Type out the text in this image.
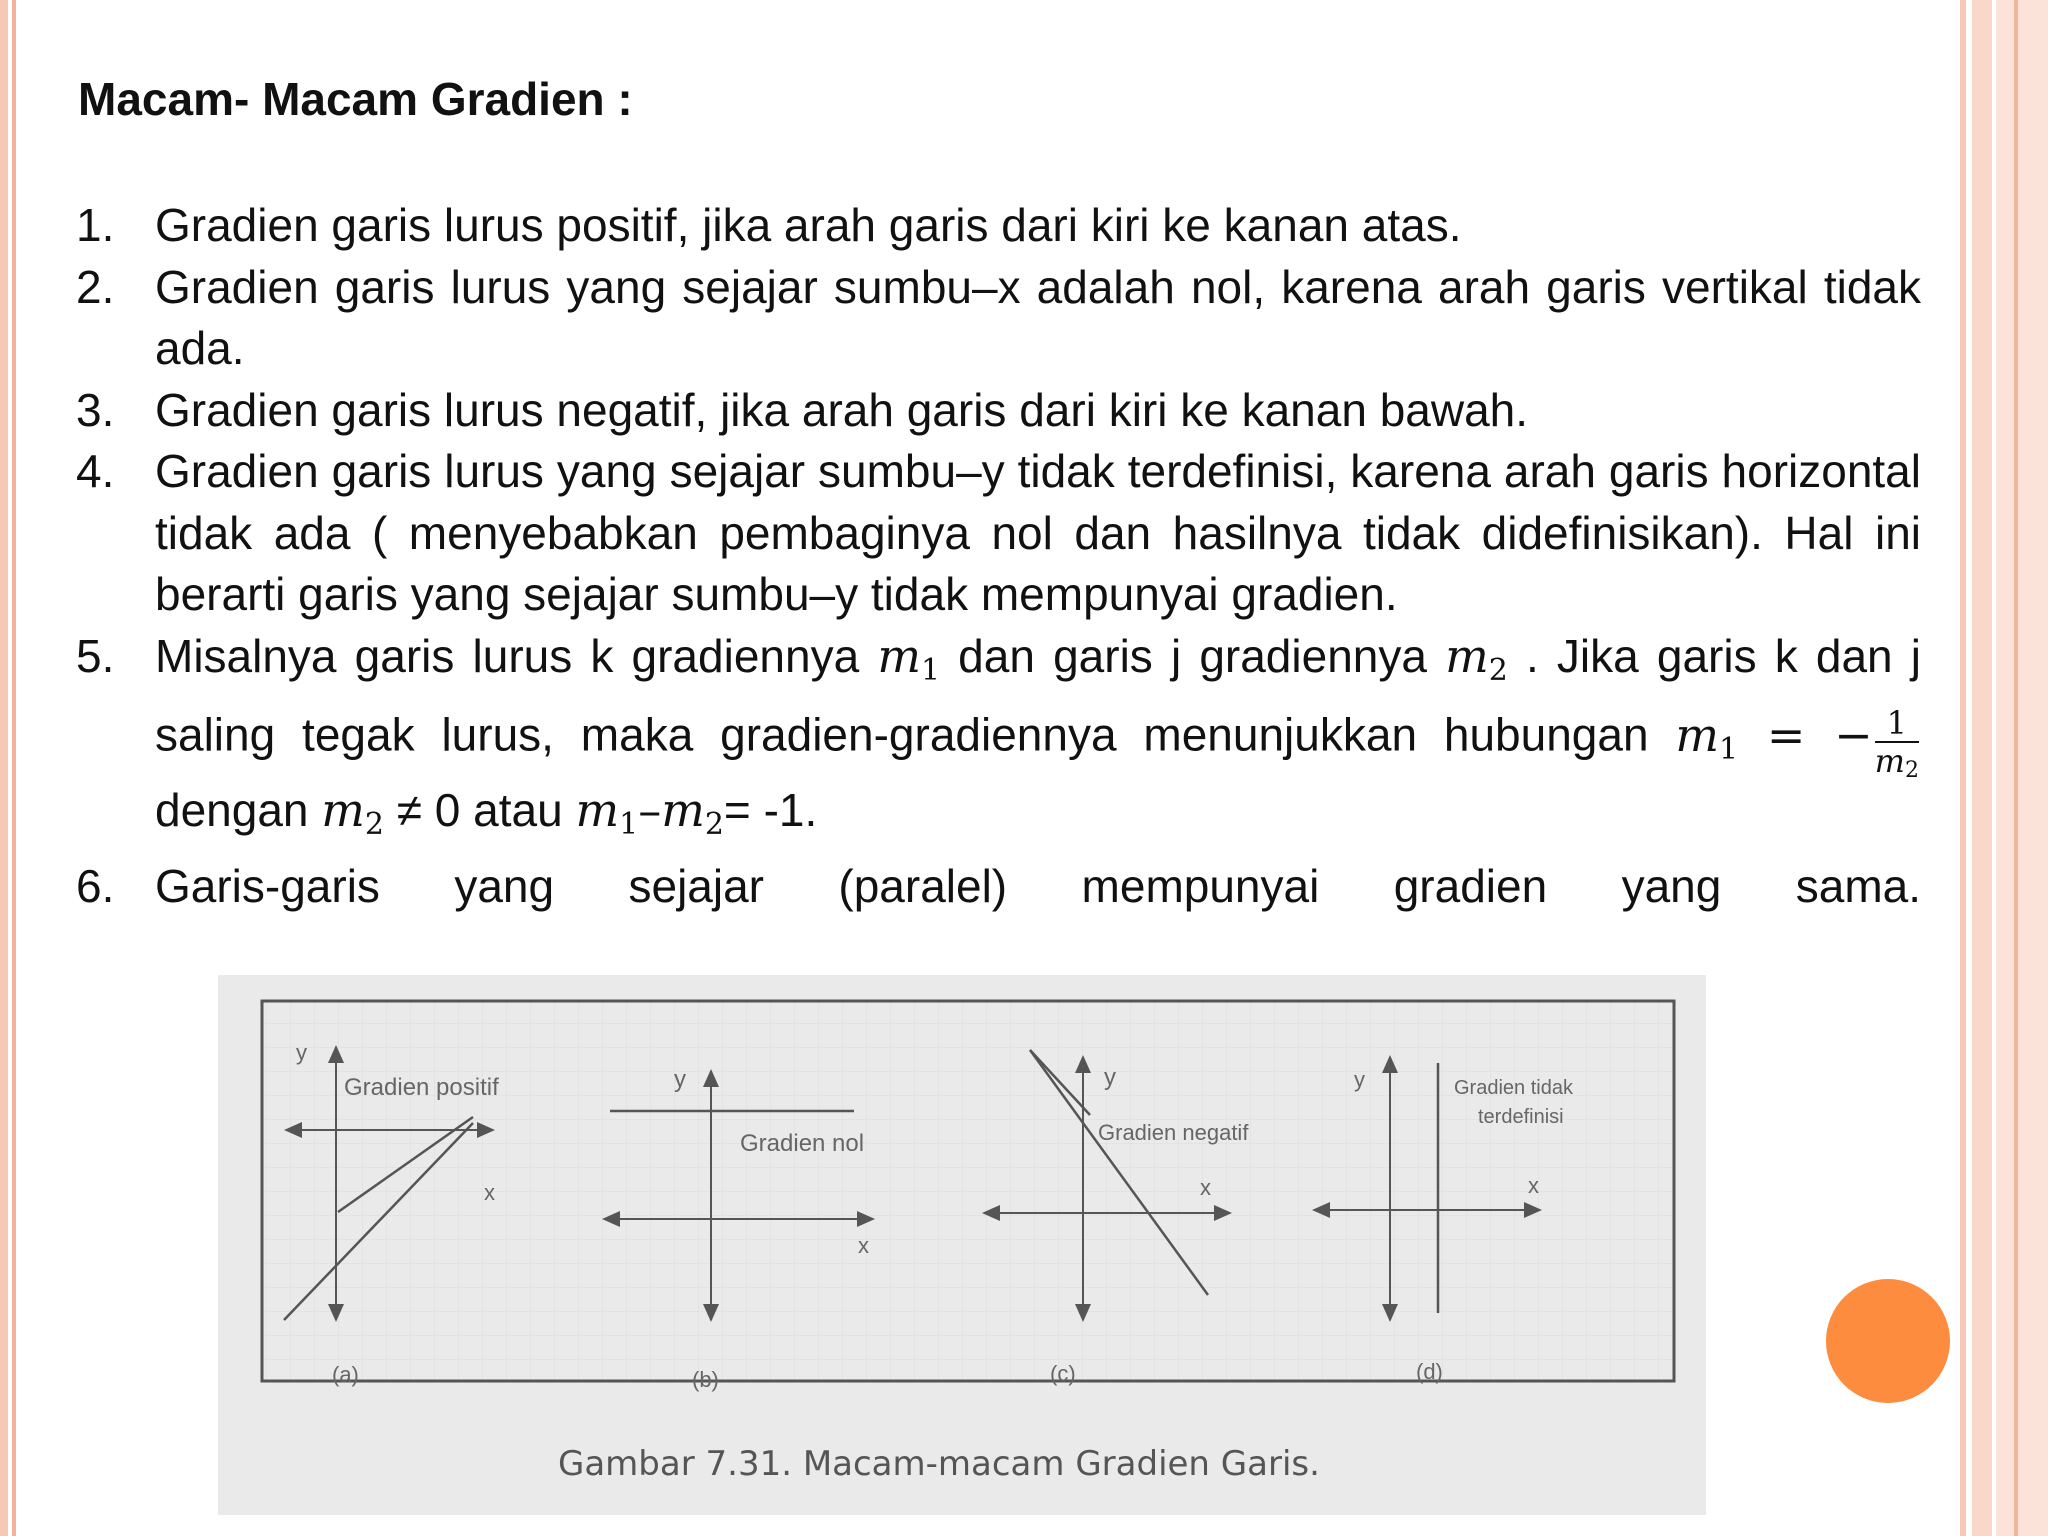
Macam- Macam Gradien :
1. Gradien garis lurus positif, jika arah garis dari kiri ke kanan atas.
2. Gradien garis lurus yang sejajar sumbu–x adalah nol, karena arah garis vertikal tidak ada.
3. Gradien garis lurus negatif, jika arah garis dari kiri ke kanan bawah.
4. Gradien garis lurus yang sejajar sumbu–y tidak terdefinisi, karena arah garis horizontal tidak ada ( menyebabkan pembaginya nol dan hasilnya tidak didefinisikan). Hal ini berarti garis yang sejajar sumbu–y tidak mempunyai gradien.
5. Misalnya garis lurus k gradiennya $m_1$ dan garis j gradiennya $m_2$ . Jika garis k dan j saling tegak lurus, maka gradien-gradiennya menunjukkan hubungan $m_1$ = − $\frac{1}{m_2}$
dengan $m_2 \ne 0$ atau $m_1-m_2= -1$.
6. Garis-garis yang sejajar (paralel) mempunyai gradien yang sama.
y
x
Gradien positif
(a)
y
x
Gradien nol
(b)
y
x
Gradien negatif
(c)
y
x
Gradien tidak
terdefinisi
(d)
Gambar 7.31. Macam-macam Gradien Garis.
